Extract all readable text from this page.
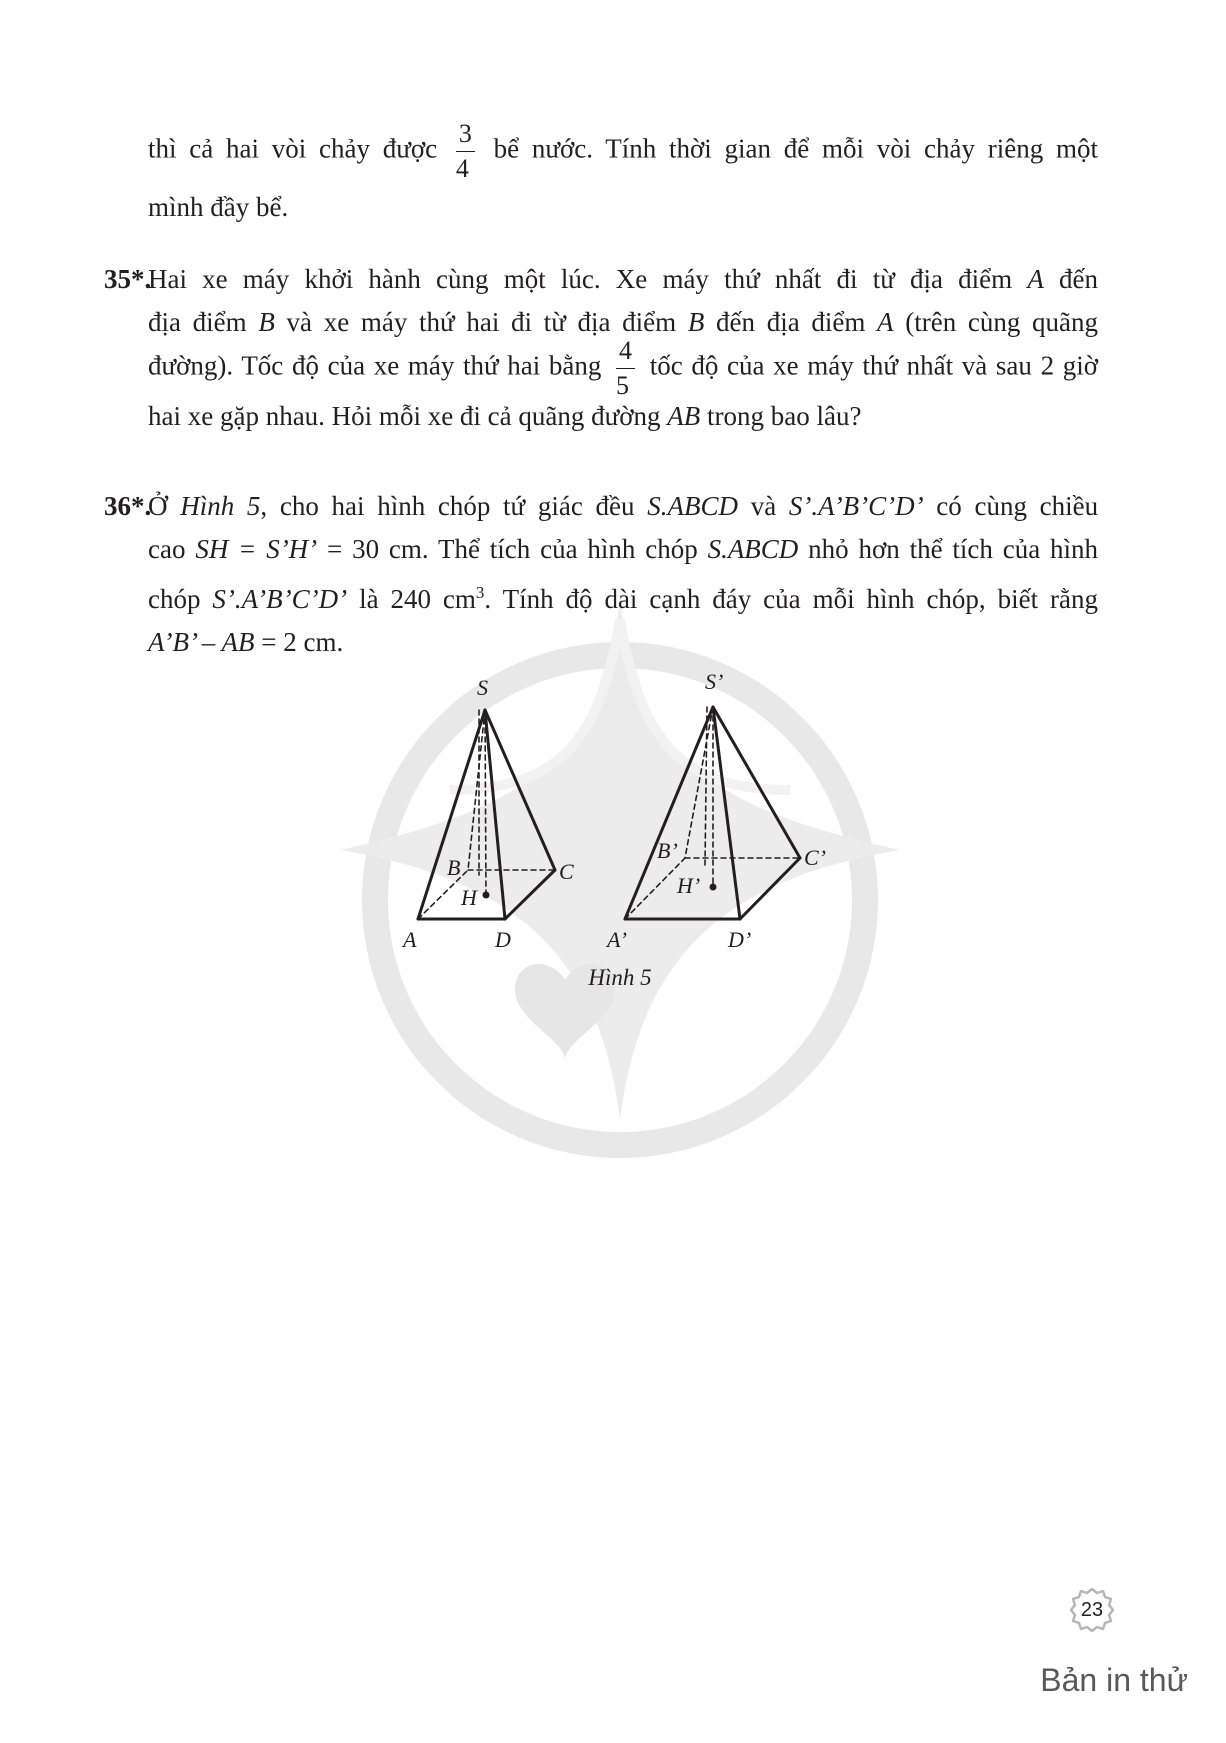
thì cả hai vòi chảy được $\frac{3}{4}$ bể nước. Tính thời gian để mỗi vòi chảy riêng một
mình đầy bể.
35*.
Hai xe máy khởi hành cùng một lúc. Xe máy thứ nhất đi từ địa điểm A đến
địa điểm B và xe máy thứ hai đi từ địa điểm B đến địa điểm A (trên cùng quãng
đường). Tốc độ của xe máy thứ hai bằng $\frac{4}{5}$ tốc độ của xe máy thứ nhất và sau 2 giờ
hai xe gặp nhau. Hỏi mỗi xe đi cả quãng đường AB trong bao lâu?
36*.
Ở Hình 5, cho hai hình chóp tứ giác đều S.ABCD và S’.A’B’C’D’ có cùng chiều
cao SH = S’H’ = 30 cm. Thể tích của hình chóp S.ABCD nhỏ hơn thể tích của hình
chóp S’.A’B’C’D’ là 240 $cm^3$. Tính độ dài cạnh đáy của mỗi hình chóp, biết rằng
A’B’ – AB = 2 cm.
S
A
B	C
D
H
S’
A’
B’	C’
D’
H’
Hình 5
23
Bản in thử
